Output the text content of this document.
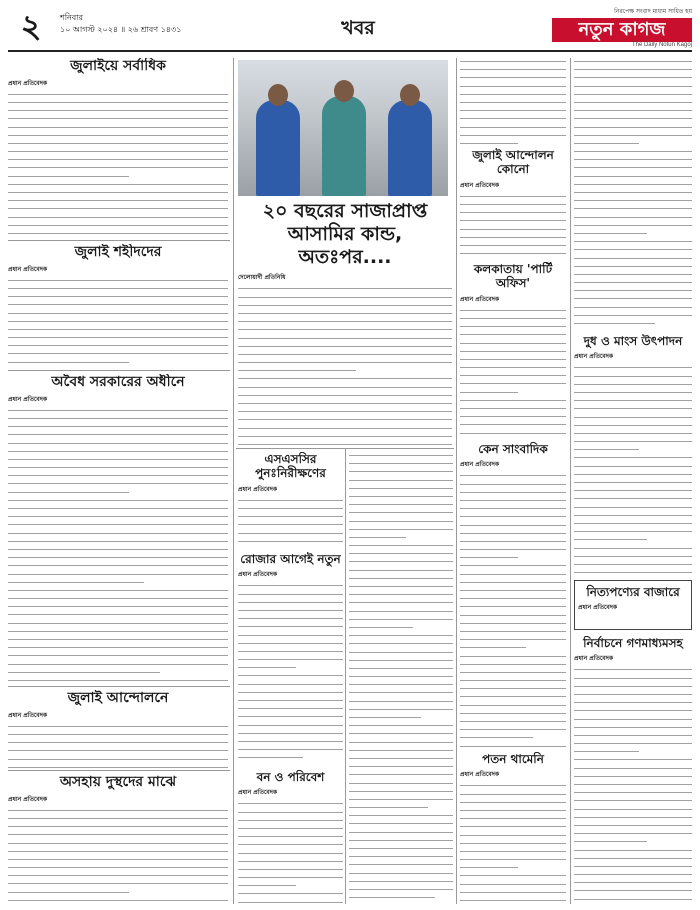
২	শনিবার
১০ আগস্ট ২০২৪ ॥ ২৬ শ্রাবণ ১৪৩১	খবর
নিরপেক্ষ সংবাদ মাধ্যম সাধিত হয়
নতুন কাগজ
The Daily Notun Kagoj
জুলাইয়ে সর্বাধিক
প্রধান প্রতিবেদক
জুলাই শহীদদের
প্রধান প্রতিবেদক
অবৈধ সরকারের অধীনে
প্রধান প্রতিবেদক
জুলাই আন্দোলনে
প্রধান প্রতিবেদক
অসহায় দুস্থদের মাঝে
প্রধান প্রতিবেদক
২০ বছরের সাজাপ্রাপ্ত আসামির কান্ড, অতঃপর....
দেলোয়ার্দী প্রতিনিধি
এসএসসির পুনঃনিরীক্ষণের
প্রধান প্রতিবেদক
রোজার আগেই নতুন
প্রধান প্রতিবেদক
বন ও পরিবেশ
প্রধান প্রতিবেদক
জুলাই আন্দোলন কোনো
প্রধান প্রতিবেদক
কলকাতায় 'পার্টি অফিস'
প্রধান প্রতিবেদক
কেন সাংবাদিক
প্রধান প্রতিবেদক
পতন থামেনি
প্রধান প্রতিবেদক
দুধ ও মাংস উৎপাদন
প্রধান প্রতিবেদক
নিত্যপণ্যের বাজারে
প্রধান প্রতিবেদক
নির্বাচনে গণমাধ্যমসহ
প্রধান প্রতিবেদক
